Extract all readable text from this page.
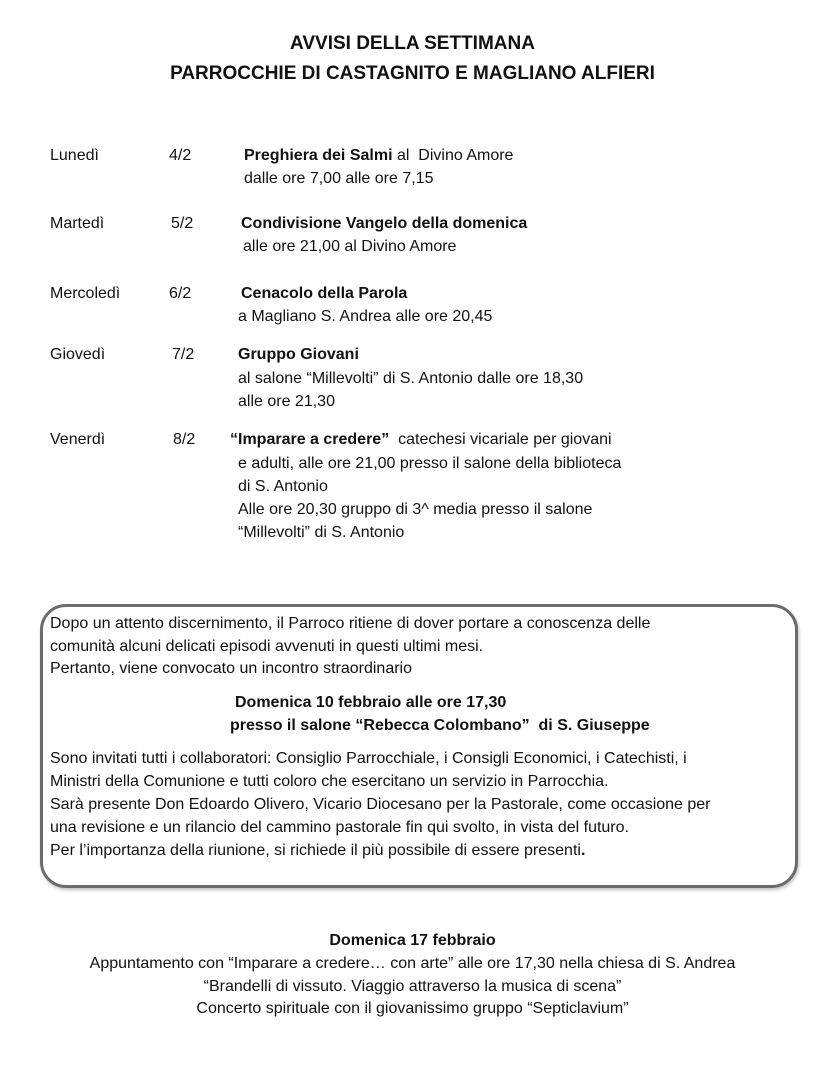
AVVISI DELLA SETTIMANA
PARROCCHIE DI CASTAGNITO E MAGLIANO ALFIERI
Lunedì	4/2	Preghiera dei Salmi al  Divino Amore
dalle ore 7,00 alle ore 7,15
Martedì	5/2	Condivisione Vangelo della domenica
alle ore 21,00 al Divino Amore
Mercoledì	6/2	Cenacolo della Parola
a Magliano S. Andrea alle ore 20,45
Giovedì	7/2	Gruppo Giovani
al salone “Millevolti” di S. Antonio dalle ore 18,30
alle ore 21,30
Venerdì	8/2 “Imparare a credere”  catechesi vicariale per giovani
e adulti, alle ore 21,00 presso il salone della biblioteca
di S. Antonio
Alle ore 20,30 gruppo di 3^ media presso il salone
“Millevolti” di S. Antonio
Dopo un attento discernimento, il Parroco ritiene di dover portare a conoscenza delle
comunità alcuni delicati episodi avvenuti in questi ultimi mesi.
Pertanto, viene convocato un incontro straordinario
Domenica 10 febbraio alle ore 17,30
presso il salone “Rebecca Colombano”  di S. Giuseppe
Sono invitati tutti i collaboratori: Consiglio Parrocchiale, i Consigli Economici, i Catechisti, i
Ministri della Comunione e tutti coloro che esercitano un servizio in Parrocchia.
Sarà presente Don Edoardo Olivero, Vicario Diocesano per la Pastorale, come occasione per
una revisione e un rilancio del cammino pastorale fin qui svolto, in vista del futuro.
Per l’importanza della riunione, si richiede il più possibile di essere presenti.
Domenica 17 febbraio
Appuntamento con “Imparare a credere… con arte” alle ore 17,30 nella chiesa di S. Andrea
“Brandelli di vissuto. Viaggio attraverso la musica di scena”
Concerto spirituale con il giovanissimo gruppo “Septiclavium”
